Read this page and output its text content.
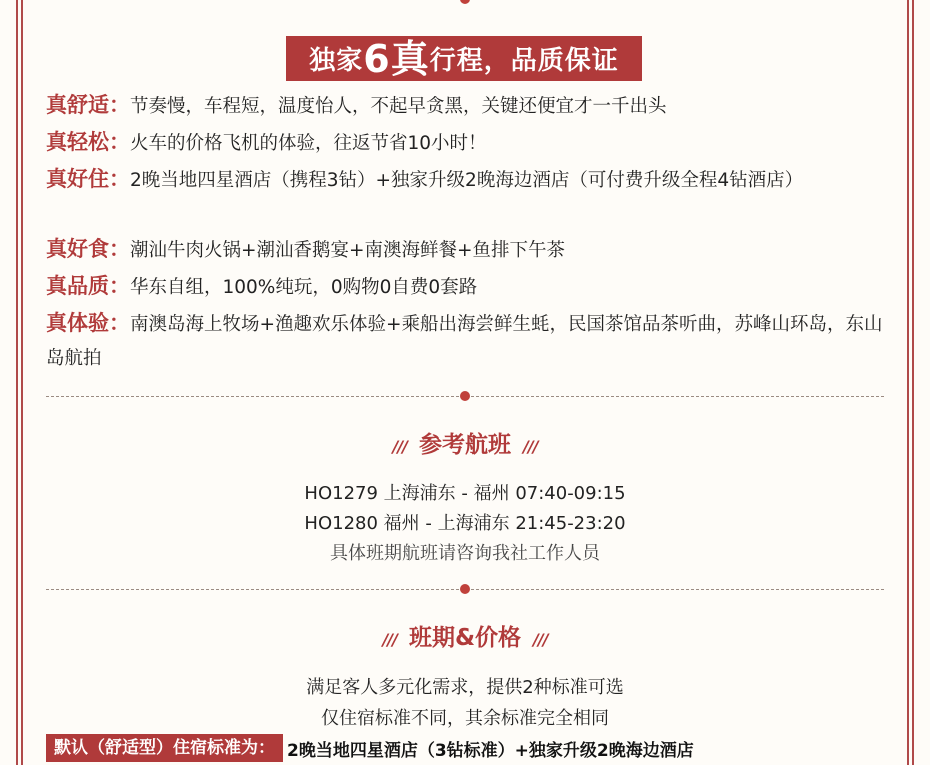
独家 6真 行程，品质保证
真舒适：节奏慢，车程短，温度怡人，不起早贪黑，关键还便宜才一千出头
真轻松：火车的价格飞机的体验，往返节省10小时！
真好住：2晚当地四星酒店（携程3钻）+独家升级2晚海边酒店（可付费升级全程4钻酒店）
真好食：潮汕牛肉火锅+潮汕香鹅宴+南澳海鲜餐+鱼排下午茶
真品质：华东自组，100%纯玩，0购物0自费0套路
真体验：南澳岛海上牧场+渔趣欢乐体验+乘船出海尝鲜生蚝，民国茶馆品茶听曲，苏峰山环岛，东山岛航拍
/// 参考航班 ///
HO1279 上海浦东 - 福州 07:40-09:15
HO1280 福州 - 上海浦东 21:45-23:20
具体班期航班请咨询我社工作人员
/// 班期&价格 ///
满足客人多元化需求，提供2种标准可选
仅住宿标准不同，其余标准完全相同
默认（舒适型）住宿标准为： 2晚当地四星酒店（3钻标准）+独家升级2晚海边酒店
